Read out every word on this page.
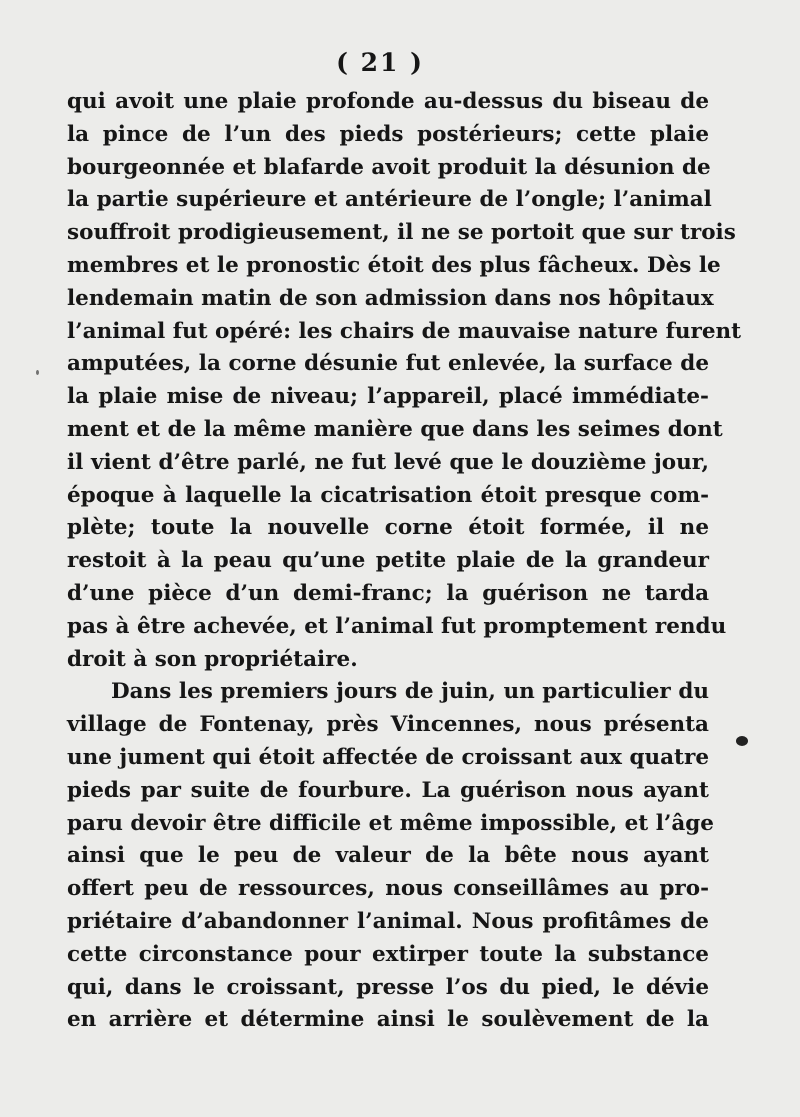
( 21 )
qui avoit une plaie profonde au-dessus du biseau de
la pince de l’un des pieds postérieurs; cette plaie
bourgeonnée et blafarde avoit produit la désunion de
la partie supérieure et antérieure de l’ongle; l’animal
souffroit prodigieusement, il ne se portoit que sur trois
membres et le pronostic étoit des plus fâcheux. Dès le
lendemain matin de son admission dans nos hôpitaux
l’animal fut opéré: les chairs de mauvaise nature furent
amputées, la corne désunie fut enlevée, la surface de
la plaie mise de niveau; l’appareil, placé immédiate-
ment et de la même manière que dans les seimes dont
il vient d’être parlé, ne fut levé que le douzième jour,
époque à laquelle la cicatrisation étoit presque com-
plète; toute la nouvelle corne étoit formée, il ne
restoit à la peau qu’une petite plaie de la grandeur
d’une pièce d’un demi-franc; la guérison ne tarda
pas à être achevée, et l’animal fut promptement rendu
droit à son propriétaire.
Dans les premiers jours de juin, un particulier du
village de Fontenay, près Vincennes, nous présenta
une jument qui étoit affectée de croissant aux quatre
pieds par suite de fourbure. La guérison nous ayant
paru devoir être difficile et même impossible, et l’âge
ainsi que le peu de valeur de la bête nous ayant
offert peu de ressources, nous conseillâmes au pro-
priétaire d’abandonner l’animal. Nous profitâmes de
cette circonstance pour extirper toute la substance
qui, dans le croissant, presse l’os du pied, le dévie
en arrière et détermine ainsi le soulèvement de la
